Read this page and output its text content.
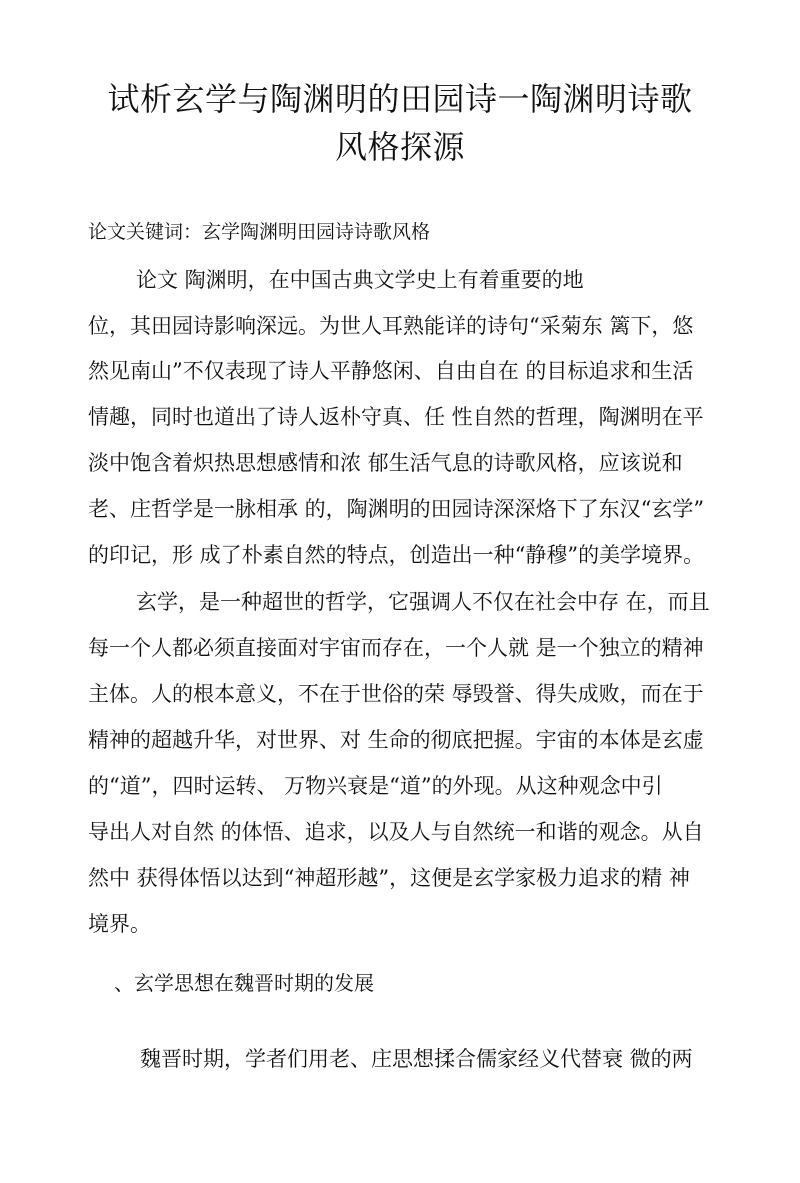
试析玄学与陶渊明的田园诗一陶渊明诗歌
风格探源
论文关键词：玄学陶渊明田园诗诗歌风格
论文 陶渊明，在中国古典文学史上有着重要的地
位，其田园诗影响深远。为世人耳熟能详的诗句“采菊东 篱下，悠
然见南山”不仅表现了诗人平静悠闲、自由自在 的目标追求和生活
情趣，同时也道出了诗人返朴守真、任 性自然的哲理，陶渊明在平
淡中饱含着炽热思想感情和浓 郁生活气息的诗歌风格，应该说和
老、庄哲学是一脉相承 的，陶渊明的田园诗深深烙下了东汉“玄学”
的印记，形 成了朴素自然的特点，创造出一种“静穆”的美学境界。
玄学，是一种超世的哲学，它强调人不仅在社会中存 在，而且
每一个人都必须直接面对宇宙而存在，一个人就 是一个独立的精神
主体。人的根本意义，不在于世俗的荣 辱毁誉、得失成败，而在于
精神的超越升华，对世界、对 生命的彻底把握。宇宙的本体是玄虚
的“道”，四时运转、 万物兴衰是“道”的外现。从这种观念中引
导出人对自然 的体悟、追求，以及人与自然统一和谐的观念。从自
然中 获得体悟以达到“神超形越”，这便是玄学家极力追求的精 神
境界。
、玄学思想在魏晋时期的发展
魏晋时期，学者们用老、庄思想揉合儒家经义代替衰 微的两
